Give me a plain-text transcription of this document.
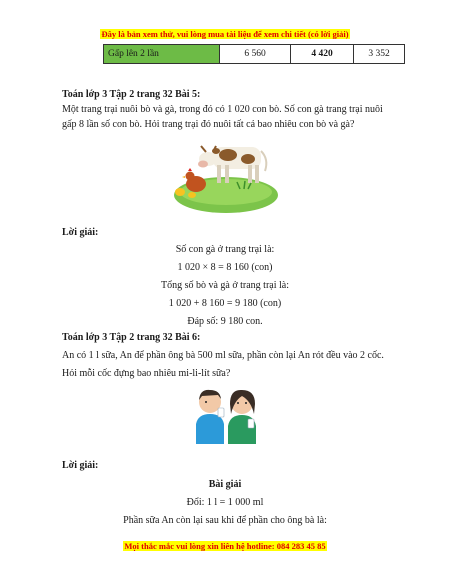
Đây là bản xem thử, vui lòng mua tài liệu để xem chi tiết (có lời giải)
Gấp lên 2 lần	6 560	4 420	3 352
Toán lớp 3 Tập 2 trang 32 Bài 5:
Một trang trại nuôi bò và gà, trong đó có 1 020 con bò. Số con gà trang trại nuôi
gấp 8 lần số con bò. Hỏi trang trại đó nuôi tất cả bao nhiêu con bò và gà?
Lời giải:
Số con gà ở trang trại là:
1 020 × 8 = 8 160 (con)
Tổng số bò và gà ở trang trại là:
1 020 + 8 160 = 9 180 (con)
Đáp số: 9 180 con.
Toán lớp 3 Tập 2 trang 32 Bài 6:
An có 1 l sữa, An để phần ông bà 500 ml sữa, phần còn lại An rót đều vào 2 cốc.
Hỏi mỗi cốc đựng bao nhiêu mi-li-lít sữa?
Lời giải:
Bài giải
Đổi: 1 l = 1 000 ml
Phần sữa An còn lại sau khi để phần cho ông bà là:
Mọi thắc mắc vui lòng xin liên hệ hotline: 084 283 45 85
